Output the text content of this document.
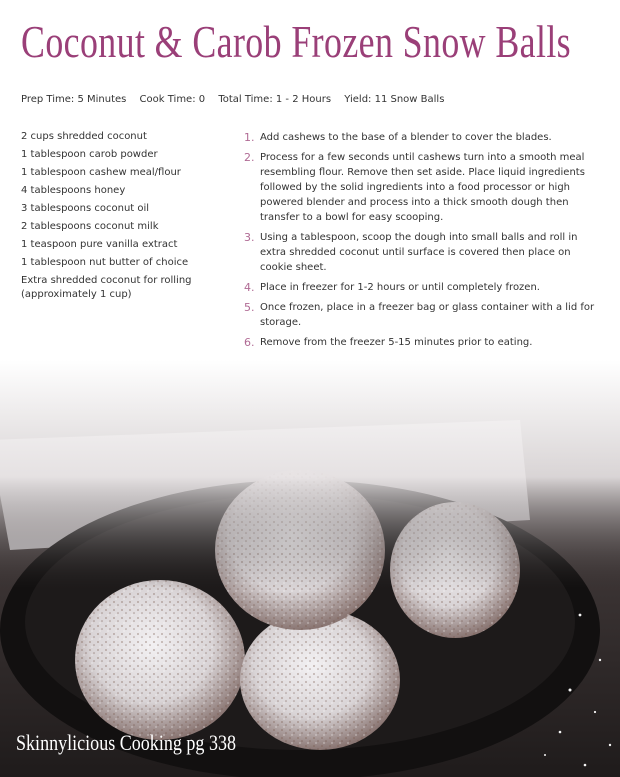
Coconut & Carob Frozen Snow Balls
Prep Time: 5 Minutes Cook Time: 0 Total Time: 1 - 2 Hours Yield: 11 Snow Balls
2 cups shredded coconut
1 tablespoon carob powder
1 tablespoon cashew meal/flour
4 tablespoons honey
3 tablespoons coconut oil
2 tablespoons coconut milk
1 teaspoon pure vanilla extract
1 tablespoon nut butter of choice
Extra shredded coconut for rolling (approximately 1 cup)
1. Add cashews to the base of a blender to cover the blades.
2. Process for a few seconds until cashews turn into a smooth meal resembling flour. Remove then set aside. Place liquid ingredients followed by the solid ingredients into a food processor or high powered blender and process into a thick smooth dough then transfer to a bowl for easy scooping.
3. Using a tablespoon, scoop the dough into small balls and roll in extra shredded coconut until surface is covered then place on cookie sheet.
4. Place in freezer for 1-2 hours or until completely frozen.
5. Once frozen, place in a freezer bag or glass container with a lid for storage.
6. Remove from the freezer 5-15 minutes prior to eating.
Skinnylicious Cooking pg 338
